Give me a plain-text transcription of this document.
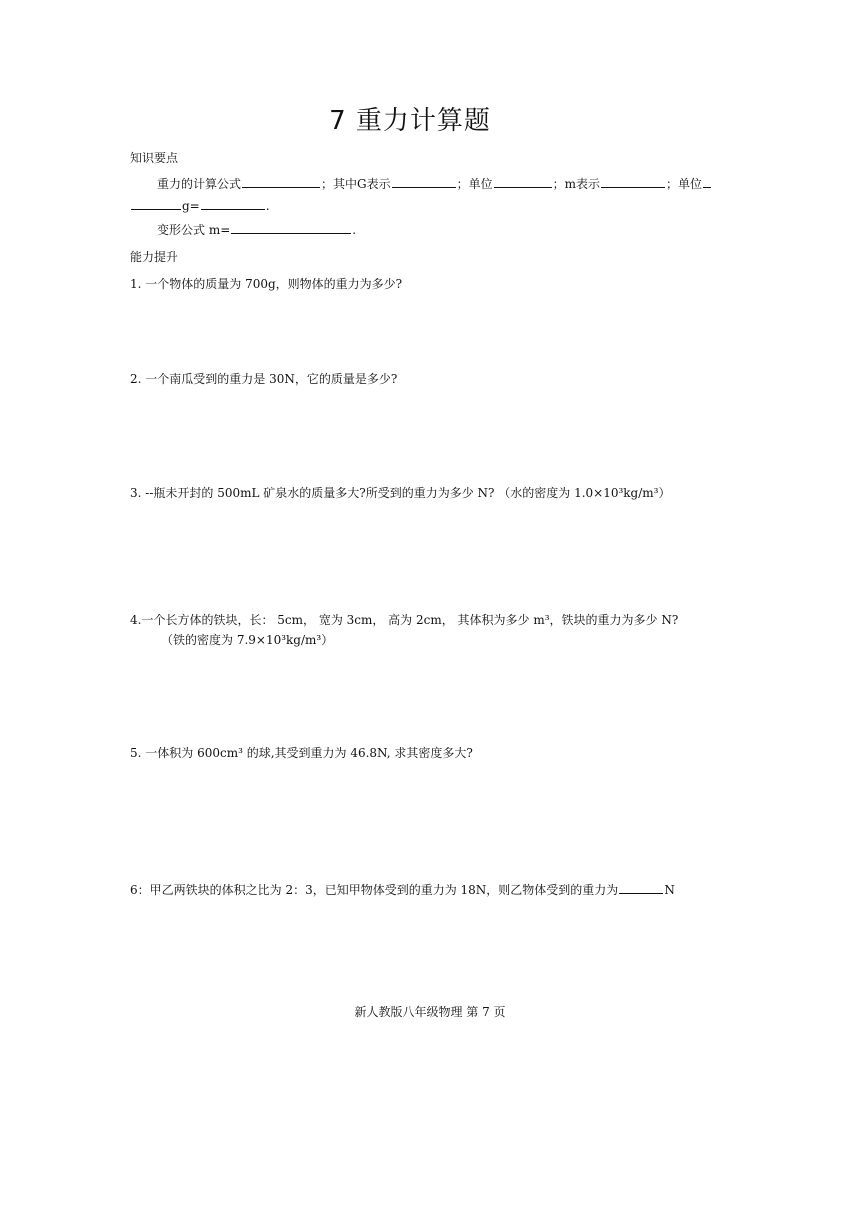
7 重力计算题
知识要点
重力的计算公式	；其中G表示	；单位	；m表示	；单位
g=	.
变形公式 m=	.
能力提升
1. 一个物体的质量为 700g，则物体的重力为多少?
2. 一个南瓜受到的重力是 30N，它的质量是多少?
3. --瓶未开封的 500mL 矿泉水的质量多大?所受到的重力为多少 N? （水的密度为 1.0×10³kg/m³）
4.一个长方体的铁块，长： 5cm， 宽为 3cm， 高为 2cm， 其体积为多少 m³，铁块的重力为多少 N?
（铁的密度为 7.9×10³kg/m³）
5. 一体积为 600cm³ 的球,其受到重力为 46.8N, 求其密度多大?
6：甲乙两铁块的体积之比为 2：3，已知甲物体受到的重力为 18N，则乙物体受到的重力为	N
新人教版八年级物理 第 7 页
